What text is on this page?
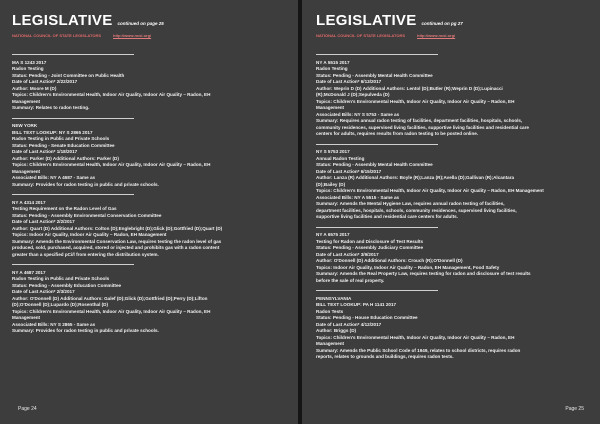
LEGISLATIVE continued on page 25
NATIONAL COUNCIL OF STATE LEGISLATORS	http://www.ncsl.org/
MA S 1243 2017
Radon Testing
Status: Pending - Joint Committee on Public Health
Date of Last Action* 2/22/2017
Author: Moore M (D)
Topics: Children's Environmental Health, Indoor Air Quality, Indoor Air Quality – Radon, EH
Management
Summary: Relates to radon testing.
NEW YORK
BILL TEXT LOOKUP: NY S 2865 2017
Radon Testing in Public and Private Schools
Status: Pending - Senate Education Committee
Date of Last Action* 1/18/2017
Author: Parker (D) Additional Authors: Parker (D)
Topics: Children's Environmental Health, Indoor Air Quality, Indoor Air Quality – Radon, EH
Management
Associated Bills: NY A 4687 - Same as
Summary: Provides for radon testing in public and private schools.
NY A 4314 2017
Testing Requirement on the Radon Level of Gas
Status: Pending - Assembly Environmental Conservation Committee
Date of Last Action* 2/2/2017
Author: Quart (D) Additional Authors: Colton (D);Englebright (D);Glick (D);Gottfried (D);Quart (D)
Topics: Indoor Air Quality, Indoor Air Quality – Radon, EH Management
Summary: Amends the Environmental Conservation Law, requires testing the radon level of gas
produced, sold, purchased, acquired, stored or injected and prohibits gas with a radon content
greater than a specified pCi/l from entering the distribution system.
NY A 4687 2017
Radon Testing in Public and Private Schools
Status: Pending - Assembly Education Committee
Date of Last Action* 2/3/2017
Author: O'Donnell (D) Additional Authors: Galef (D);Glick (D);Gottfried (D);Perry (D);Lifton
(D);O'Donnell (D);Lupardo (D);Rosenthal (D)
Topics: Children's Environmental Health, Indoor Air Quality, Indoor Air Quality – Radon, EH
Management
Associated Bills: NY S 2865 - Same as
Summary: Provides for radon testing in public and private schools.
Page 24
LEGISLATIVE continued on pg 27
NATIONAL COUNCIL OF STATE LEGISLATORS	http://www.ncsl.org/
NY A 5515 2017
Radon Testing
Status: Pending - Assembly Mental Health Committee
Date of Last Action* 6/13/2017
Author: Weprin D (D) Additional Authors: Lentol (D);Butler (R);Weprin D (D);Lupinacci
(R);McDonald J (D);Sepulveda (D)
Topics: Children's Environmental Health, Indoor Air Quality, Indoor Air Quality – Radon, EH
Management
Associated Bills: NY S 5753 - Same as
Summary: Requires annual radon testing of facilities, department facilities, hospitals, schools,
community residences, supervised living facilities, supportive living facilities and residential care
centers for adults, requires results from radon testing to be posted online.
NY S 5753 2017
Annual Radon Testing
Status: Pending - Assembly Mental Health Committee
Date of Last Action* 6/15/2017
Author: Lanza (R) Additional Authors: Boyle (R);Lanza (R);Avella (D);Gallivan (R);Alcantara
(D);Bailey (D)
Topics: Children's Environmental Health, Indoor Air Quality, Indoor Air Quality – Radon, EH Management
Associated Bills: NY A 5515 - Same as
Summary: Amends the Mental Hygiene Law, requires annual radon testing of facilities,
department facilities, hospitals, schools, community residences, supervised living facilities,
supportive living facilities and residential care centers for adults.
NY A 6575 2017
Testing for Radon and Disclosure of Test Results
Status: Pending - Assembly Judiciary Committee
Date of Last Action* 3/9/2017
Author: O'Donnell (D) Additional Authors: Crouch (R);O'Donnell (D)
Topics: Indoor Air Quality, Indoor Air Quality – Radon, EH Management, Food Safety
Summary: Amends the Real Property Law, requires testing for radon and disclosure of test results
before the sale of real property.
PENNSYLVANIA
BILL TEXT LOOKUP: PA H 1141 2017
Radon Tests
Status: Pending - House Education Committee
Date of Last Action* 4/12/2017
Author: Briggs (D)
Topics: Children's Environmental Health, Indoor Air Quality, Indoor Air Quality – Radon, EH
Management
Summary: Amends the Public School Code of 1949, relates to school districts, requires radon
reports, relates to grounds and buildings, requires radon tests.
Page 25
